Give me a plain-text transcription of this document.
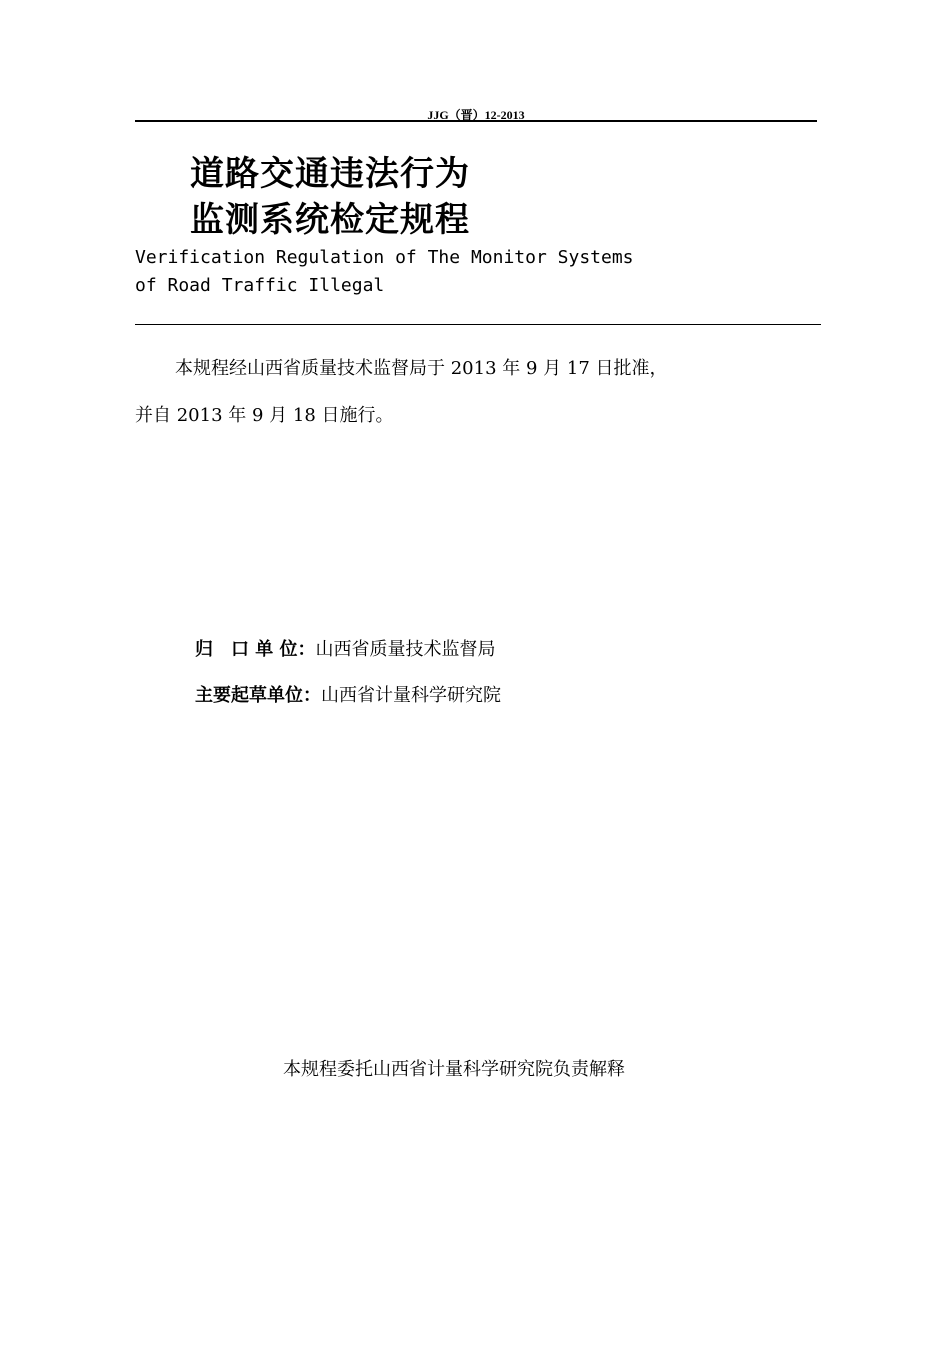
JJG（晋）12-2013
道路交通违法行为
监测系统检定规程
Verification Regulation of The Monitor Systems
of Road Traffic Illegal
本规程经山西省质量技术监督局于 2013 年 9 月 17 日批准，
并自 2013 年 9 月 18 日施行。
归　口 单 位：山西省质量技术监督局
主要起草单位：山西省计量科学研究院
本规程委托山西省计量科学研究院负责解释
